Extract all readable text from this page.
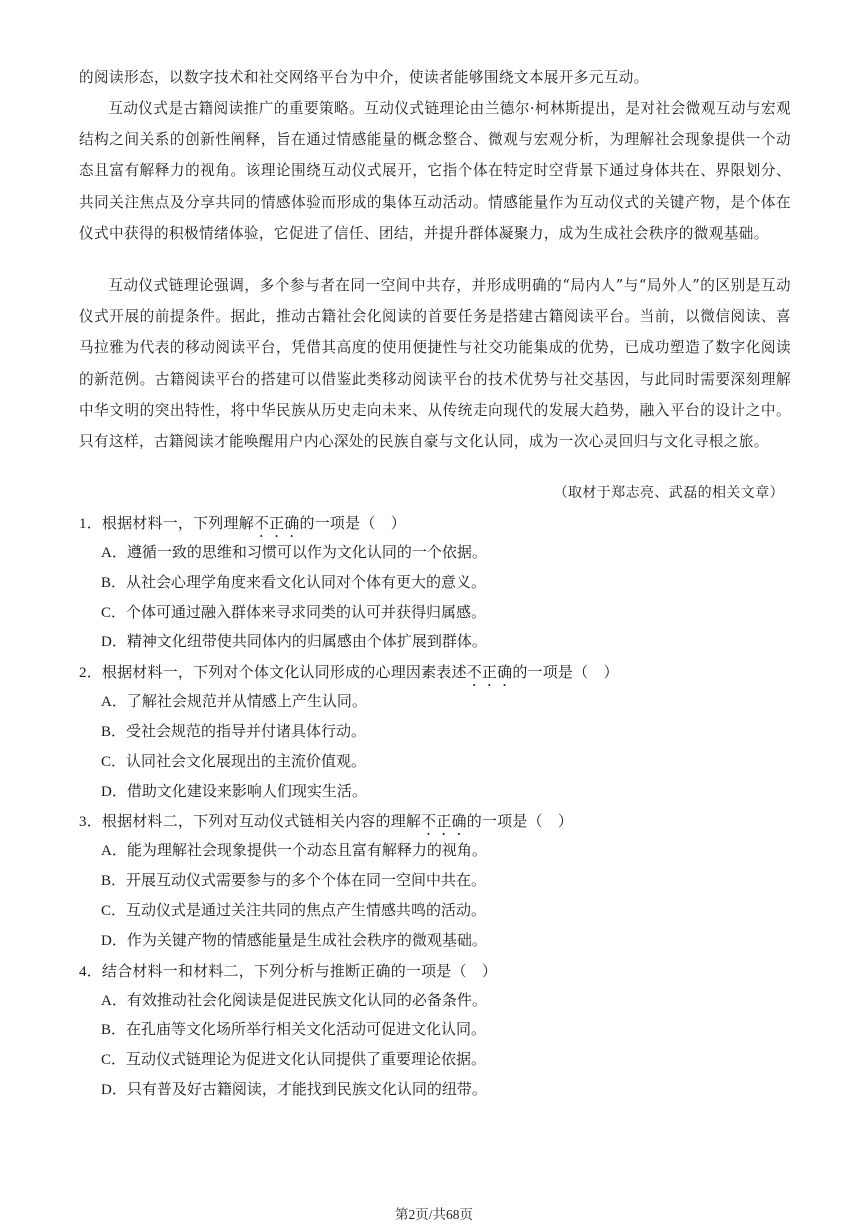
的阅读形态，以数字技术和社交网络平台为中介，使读者能够围绕文本展开多元互动。
互动仪式是古籍阅读推广的重要策略。互动仪式链理论由兰德尔·柯林斯提出，是对社会微观互动与宏观结构之间关系的创新性阐释，旨在通过情感能量的概念整合、微观与宏观分析，为理解社会现象提供一个动态且富有解释力的视角。该理论围绕互动仪式展开，它指个体在特定时空背景下通过身体共在、界限划分、共同关注焦点及分享共同的情感体验而形成的集体互动活动。情感能量作为互动仪式的关键产物，是个体在仪式中获得的积极情绪体验，它促进了信任、团结，并提升群体凝聚力，成为生成社会秩序的微观基础。
互动仪式链理论强调，多个参与者在同一空间中共存，并形成明确的“局内人”与“局外人”的区别是互动仪式开展的前提条件。据此，推动古籍社会化阅读的首要任务是搭建古籍阅读平台。当前，以微信阅读、喜马拉雅为代表的移动阅读平台，凭借其高度的使用便捷性与社交功能集成的优势，已成功塑造了数字化阅读的新范例。古籍阅读平台的搭建可以借鉴此类移动阅读平台的技术优势与社交基因，与此同时需要深刻理解中华文明的突出特性，将中华民族从历史走向未来、从传统走向现代的发展大趋势，融入平台的设计之中。只有这样，古籍阅读才能唤醒用户内心深处的民族自豪与文化认同，成为一次心灵回归与文化寻根之旅。
（取材于郑志亮、武磊的相关文章）
1．根据材料一，下列理解不正确的一项是（　）
A．遵循一致的思维和习惯可以作为文化认同的一个依据。
B．从社会心理学角度来看文化认同对个体有更大的意义。
C．个体可通过融入群体来寻求同类的认可并获得归属感。
D．精神文化纽带使共同体内的归属感由个体扩展到群体。
2．根据材料一，下列对个体文化认同形成的心理因素表述不正确的一项是（　）
A．了解社会规范并从情感上产生认同。
B．受社会规范的指导并付诸具体行动。
C．认同社会文化展现出的主流价值观。
D．借助文化建设来影响人们现实生活。
3．根据材料二，下列对互动仪式链相关内容的理解不正确的一项是（　）
A．能为理解社会现象提供一个动态且富有解释力的视角。
B．开展互动仪式需要参与的多个个体在同一空间中共在。
C．互动仪式是通过关注共同的焦点产生情感共鸣的活动。
D．作为关键产物的情感能量是生成社会秩序的微观基础。
4．结合材料一和材料二，下列分析与推断正确的一项是（　）
A．有效推动社会化阅读是促进民族文化认同的必备条件。
B．在孔庙等文化场所举行相关文化活动可促进文化认同。
C．互动仪式链理论为促进文化认同提供了重要理论依据。
D．只有普及好古籍阅读，才能找到民族文化认同的纽带。
第2页/共68页
